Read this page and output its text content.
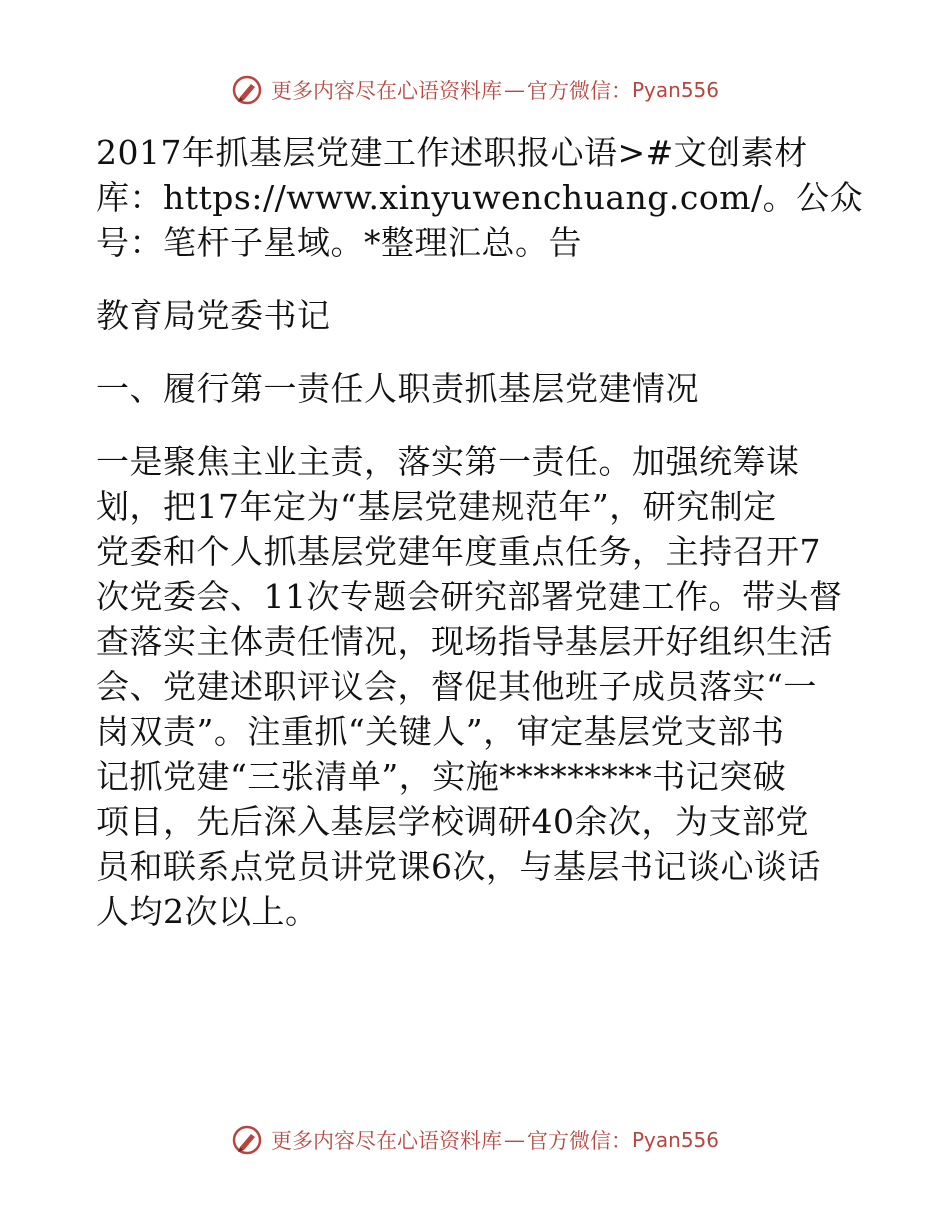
更多内容尽在心语资料库 — 官方微信： Pyan556
2017年抓基层党建工作述职报心语>#文创素材
库：https://www.xinyuwenchuang.com/。公众
号：笔杆子星域。*整理汇总。告
教育局党委书记
一、履行第一责任人职责抓基层党建情况
一是聚焦主业主责，落实第一责任。加强统筹谋
划，把17年定为“基层党建规范年”，研究制定
党委和个人抓基层党建年度重点任务，主持召开7
次党委会、11次专题会研究部署党建工作。带头督
查落实主体责任情况，现场指导基层开好组织生活
会、党建述职评议会，督促其他班子成员落实“一
岗双责”。注重抓“关键人”，审定基层党支部书
记抓党建“三张清单”，实施*********书记突破
项目，先后深入基层学校调研40余次，为支部党
员和联系点党员讲党课6次，与基层书记谈心谈话
人均2次以上。
更多内容尽在心语资料库 — 官方微信： Pyan556
